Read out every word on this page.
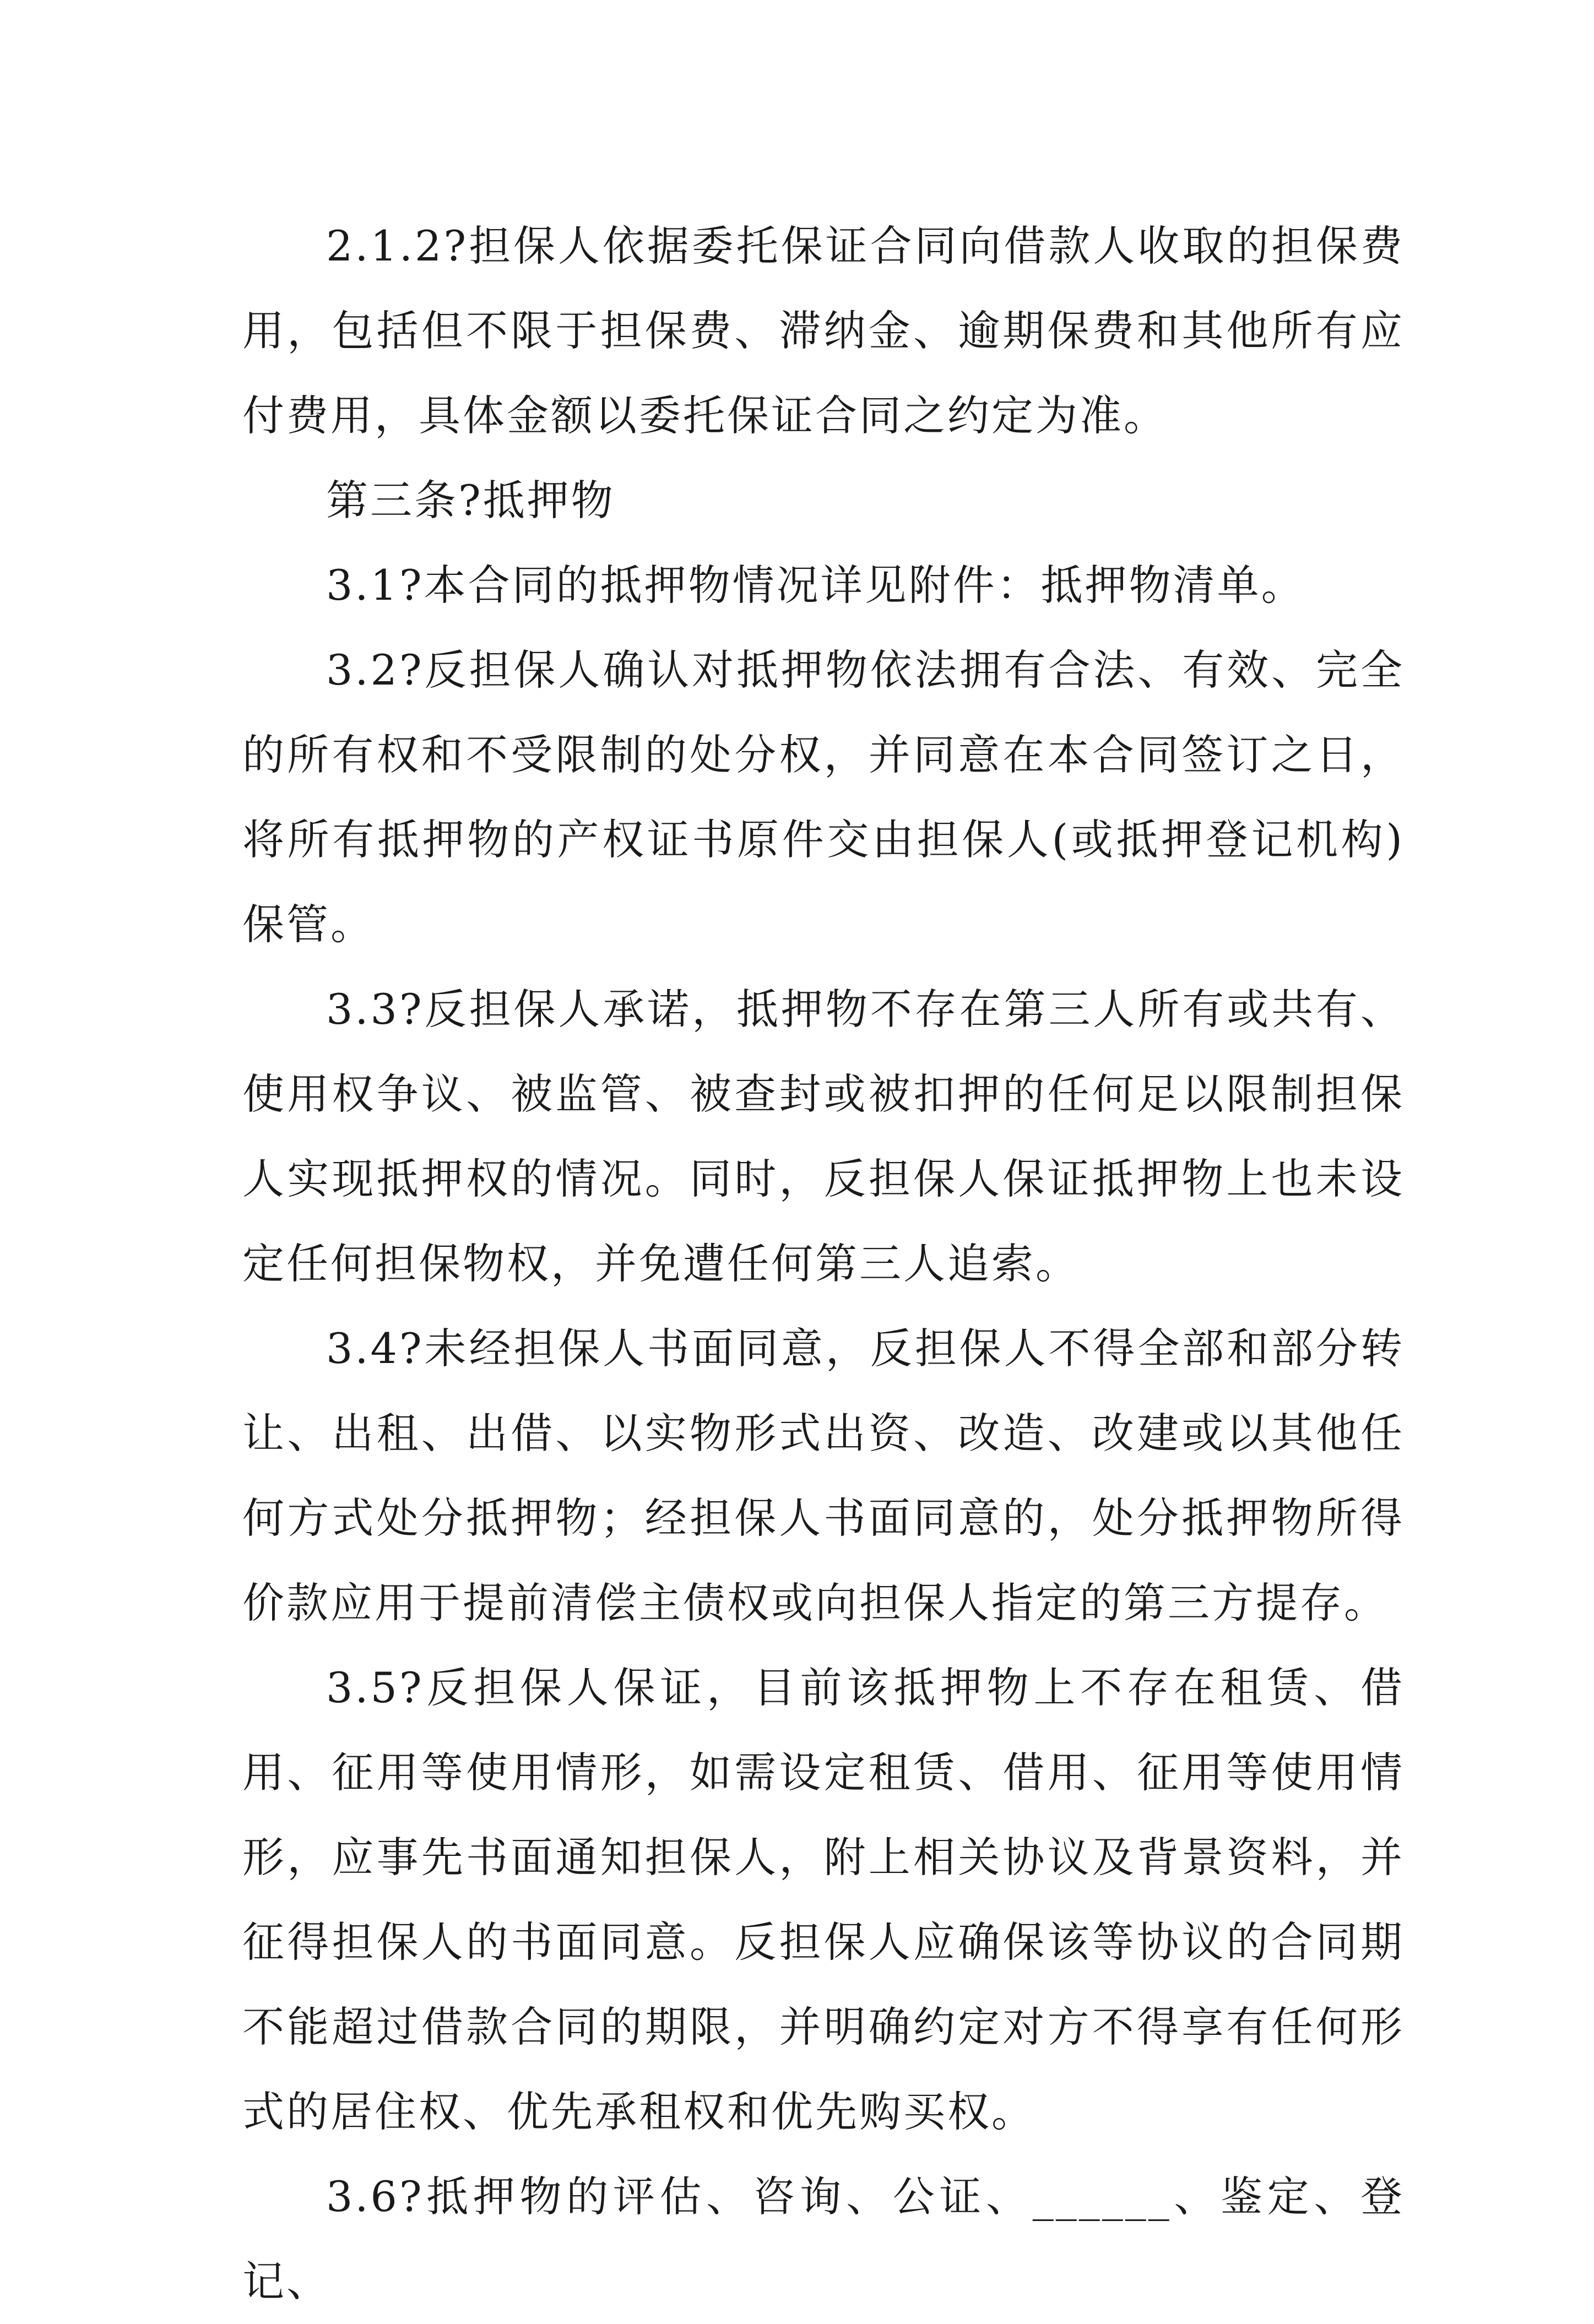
2.1.2?担保人依据委托保证合同向借款人收取的担保费用，包括但不限于担保费、滞纳金、逾期保费和其他所有应付费用，具体金额以委托保证合同之约定为准。

第三条?抵押物

3.1?本合同的抵押物情况详见附件：抵押物清单。

3.2?反担保人确认对抵押物依法拥有合法、有效、完全的所有权和不受限制的处分权，并同意在本合同签订之日，将所有抵押物的产权证书原件交由担保人(或抵押登记机构)保管。

3.3?反担保人承诺，抵押物不存在第三人所有或共有、使用权争议、被监管、被查封或被扣押的任何足以限制担保人实现抵押权的情况。同时，反担保人保证抵押物上也未设定任何担保物权，并免遭任何第三人追索。

3.4?未经担保人书面同意，反担保人不得全部和部分转让、出租、出借、以实物形式出资、改造、改建或以其他任何方式处分抵押物；经担保人书面同意的，处分抵押物所得价款应用于提前清偿主债权或向担保人指定的第三方提存。

3.5?反担保人保证，目前该抵押物上不存在租赁、借用、征用等使用情形，如需设定租赁、借用、征用等使用情形，应事先书面通知担保人，附上相关协议及背景资料，并征得担保人的书面同意。反担保人应确保该等协议的合同期不能超过借款合同的期限，并明确约定对方不得享有任何形式的居住权、优先承租权和优先购买权。

3.6?抵押物的评估、咨询、公证、______、鉴定、登记、
